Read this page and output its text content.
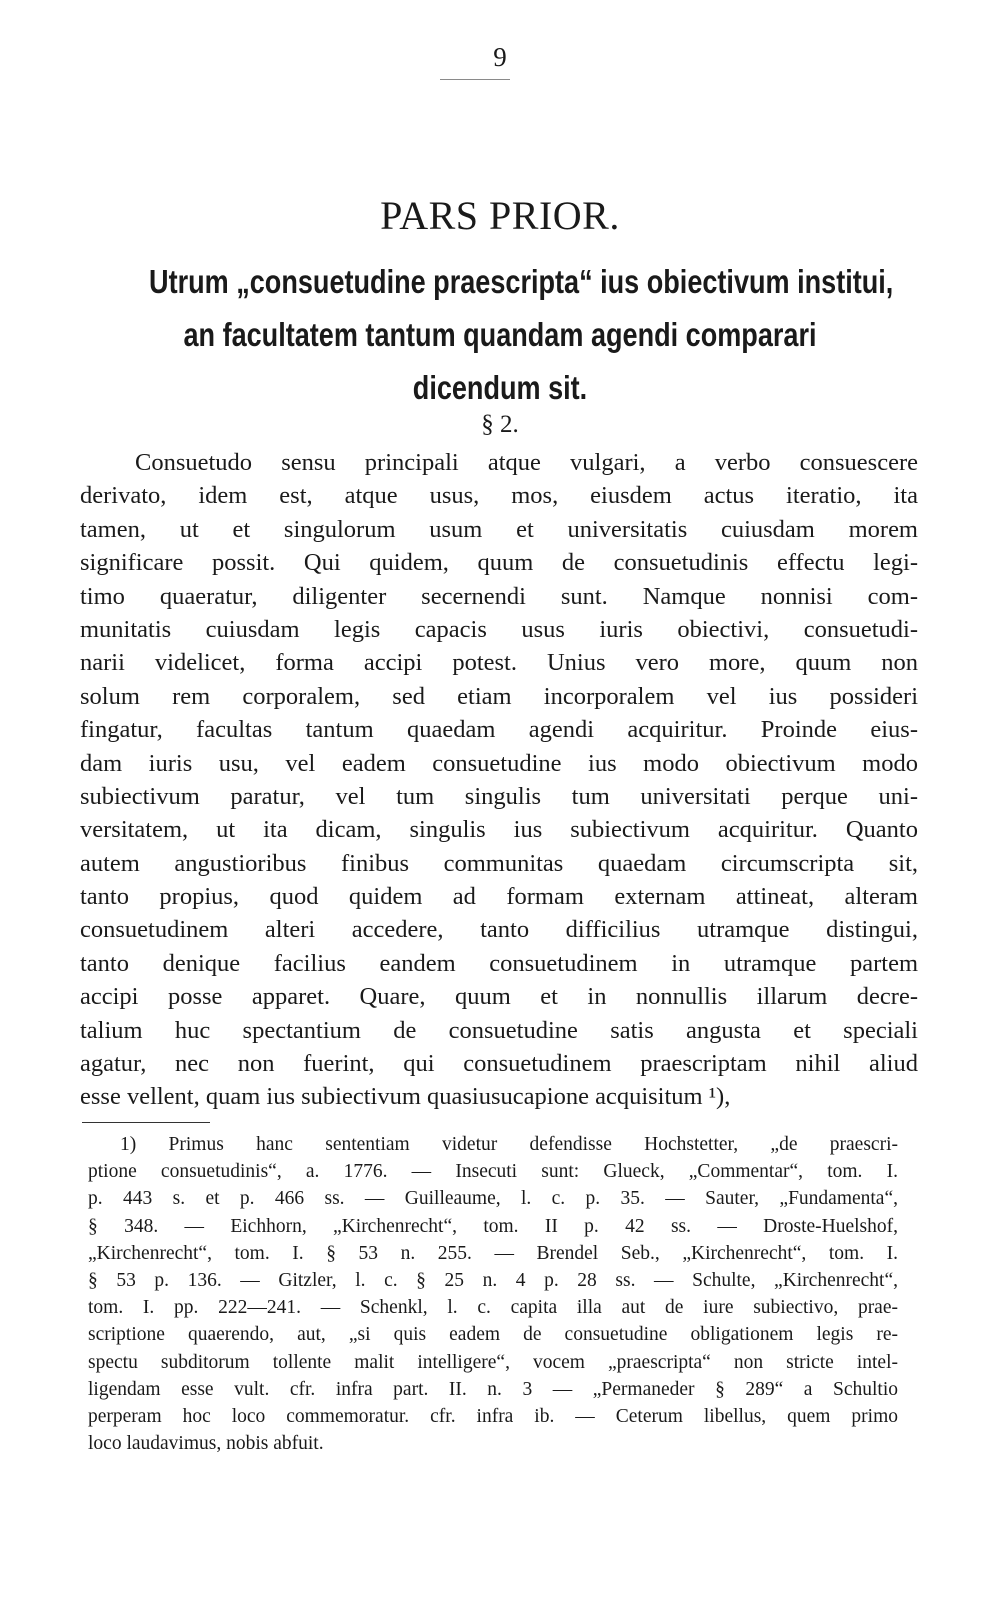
9
PARS PRIOR.
Utrum „consuetudine praescripta“ ius obiectivum institui,
an facultatem tantum quandam agendi comparari
dicendum sit.
§ 2.

Consuetudo sensu principali atque vulgari, a verbo consuescere
derivato, idem est, atque usus, mos, eiusdem actus iteratio, ita
tamen, ut et singulorum usum et universitatis cuiusdam morem
significare possit. Qui quidem, quum de consuetudinis effectu legi-
timo quaeratur, diligenter secernendi sunt. Namque nonnisi com-
munitatis cuiusdam legis capacis usus iuris obiectivi, consuetudi-
narii videlicet, forma accipi potest. Unius vero more, quum non
solum rem corporalem, sed etiam incorporalem vel ius possideri
fingatur, facultas tantum quaedam agendi acquiritur. Proinde eius-
dam iuris usu, vel eadem consuetudine ius modo obiectivum modo
subiectivum paratur, vel tum singulis tum universitati perque uni-
versitatem, ut ita dicam, singulis ius subiectivum acquiritur. Quanto
autem angustioribus finibus communitas quaedam circumscripta sit,
tanto propius, quod quidem ad formam externam attineat, alteram
consuetudinem alteri accedere, tanto difficilius utramque distingui,
tanto denique facilius eandem consuetudinem in utramque partem
accipi posse apparet. Quare, quum et in nonnullis illarum decre-
talium huc spectantium de consuetudine satis angusta et speciali
agatur, nec non fuerint, qui consuetudinem praescriptam nihil aliud
esse vellent, quam ius subiectivum quasiusucapione acquisitum ¹),

1) Primus hanc sententiam videtur defendisse Hochstetter, „de praescri-
ptione consuetudinis“, a. 1776. — Insecuti sunt: Glueck, „Commentar“, tom. I.
p. 443 s. et p. 466 ss. — Guilleaume, l. c. p. 35. — Sauter, „Fundamenta“,
§ 348. — Eichhorn, „Kirchenrecht“, tom. II p. 42 ss. — Droste-Huelshof,
„Kirchenrecht“, tom. I. § 53 n. 255. — Brendel Seb., „Kirchenrecht“, tom. I.
§ 53 p. 136. — Gitzler, l. c. § 25 n. 4 p. 28 ss. — Schulte, „Kirchenrecht“,
tom. I. pp. 222—241. — Schenkl, l. c. capita illa aut de iure subiectivo, prae-
scriptione quaerendo, aut, „si quis eadem de consuetudine obligationem legis re-
spectu subditorum tollente malit intelligere“, vocem „praescripta“ non stricte intel-
ligendam esse vult. cfr. infra part. II. n. 3 — „Permaneder § 289“ a Schultio
perperam hoc loco commemoratur. cfr. infra ib. — Ceterum libellus, quem primo
loco laudavimus, nobis abfuit.
